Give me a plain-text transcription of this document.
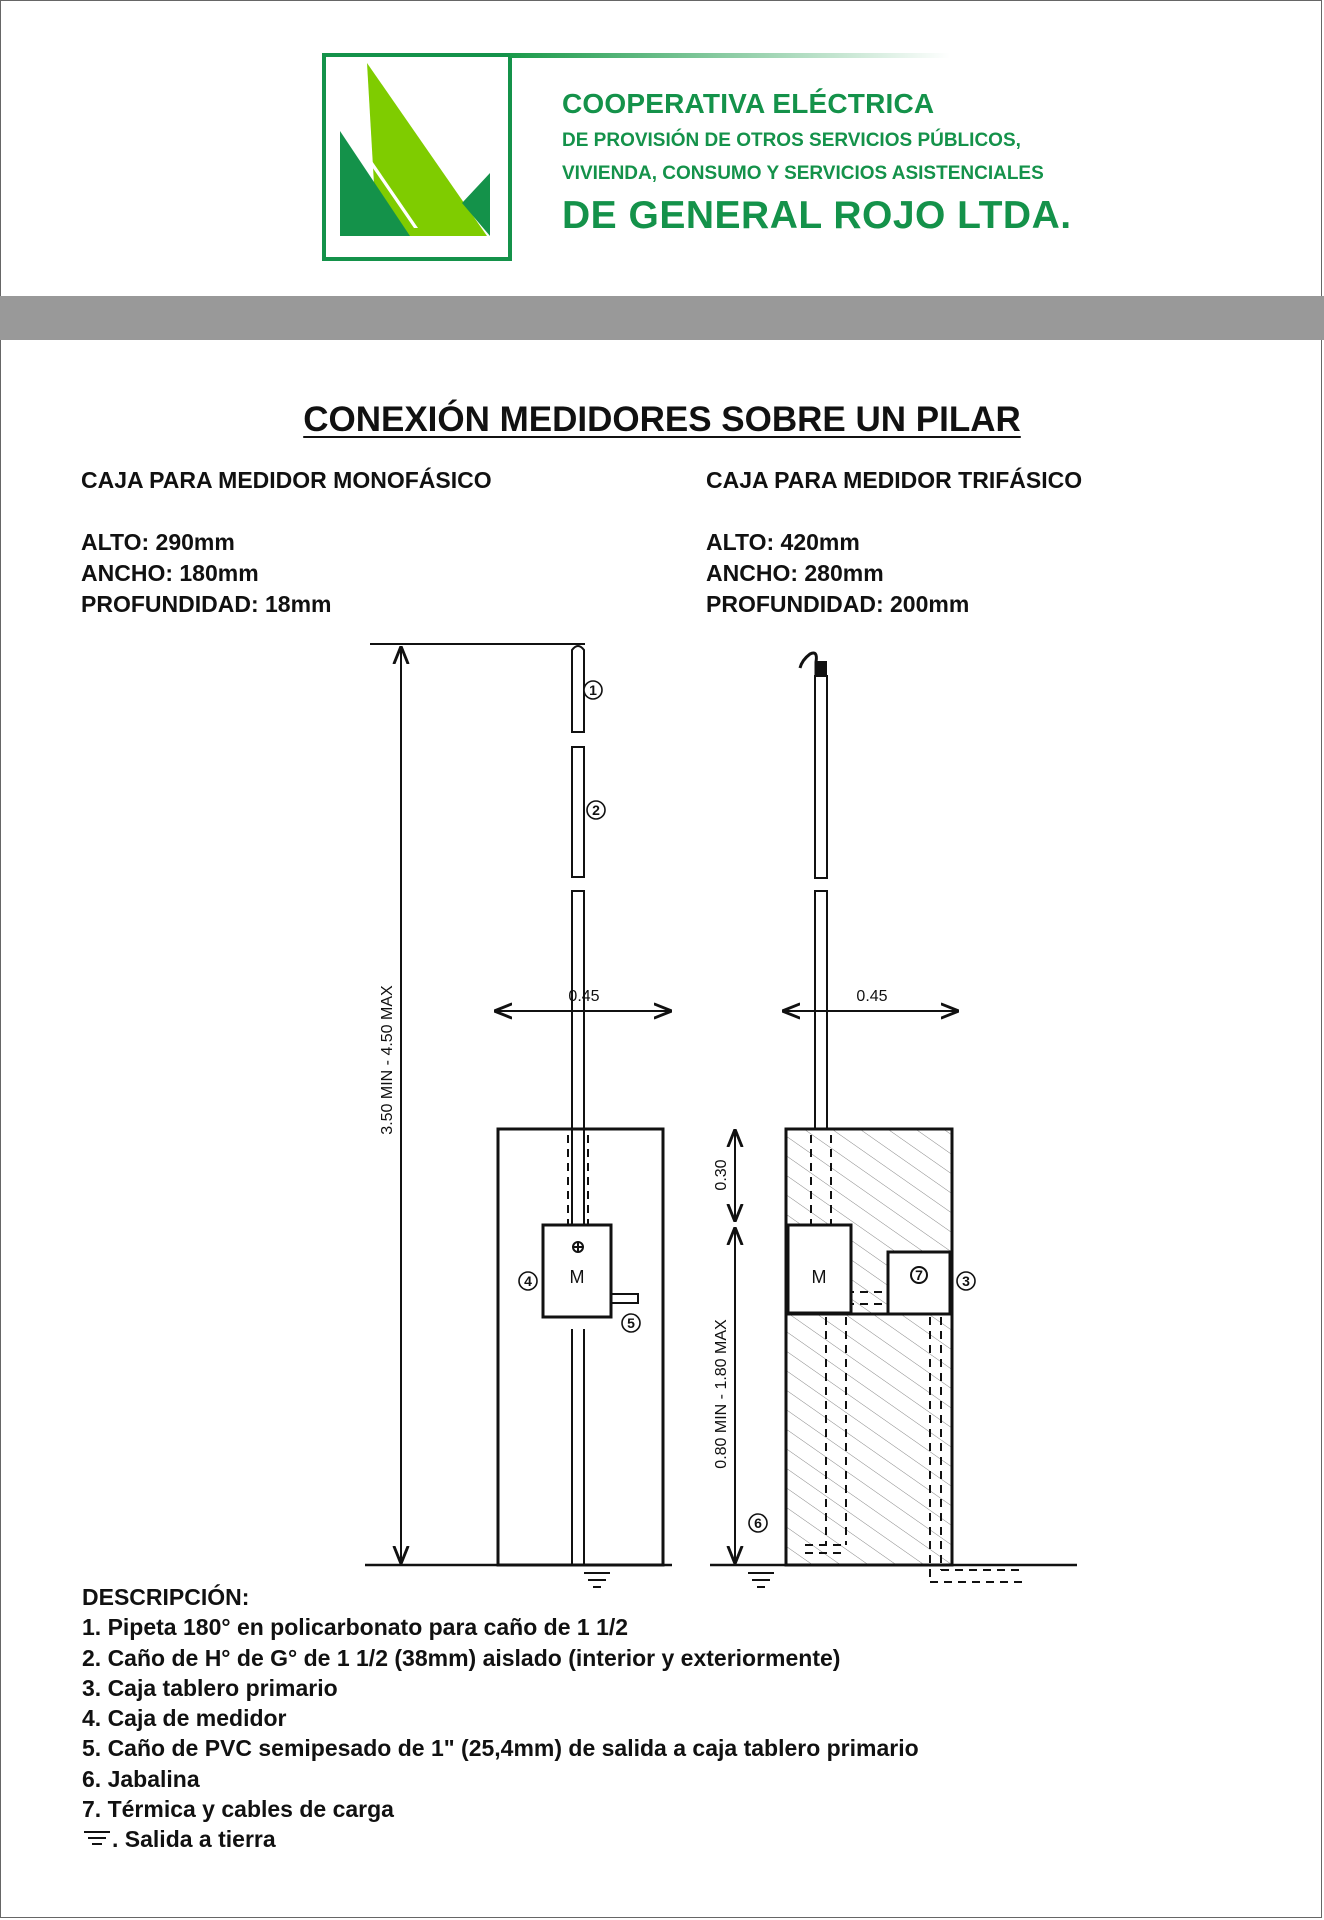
COOPERATIVA ELÉCTRICA
DE PROVISIÓN DE OTROS SERVICIOS PÚBLICOS,
VIVIENDA, CONSUMO Y SERVICIOS ASISTENCIALES
DE GENERAL ROJO LTDA.
CONEXIÓN MEDIDORES SOBRE UN PILAR
CAJA PARA MEDIDOR MONOFÁSICO
ALTO: 290mm
ANCHO: 180mm
PROFUNDIDAD: 18mm
CAJA PARA MEDIDOR TRIFÁSICO
ALTO: 420mm
ANCHO: 280mm
PROFUNDIDAD: 200mm
1
2
4
5
3
6
7
0.45	0.45
3.50 MIN - 4.50 MAX
0.30
0.80 MIN - 1.80 MAX
M	M
DESCRIPCIÓN:
1. Pipeta 180° en policarbonato para caño de 1 1/2
2. Caño de H° de G° de 1 1/2 (38mm) aislado (interior y exteriormente)
3. Caja tablero primario
4. Caja de medidor
5. Caño de PVC semipesado de 1" (25,4mm) de salida a caja tablero primario
6. Jabalina
7. Térmica y cables de carga
. Salida a tierra
